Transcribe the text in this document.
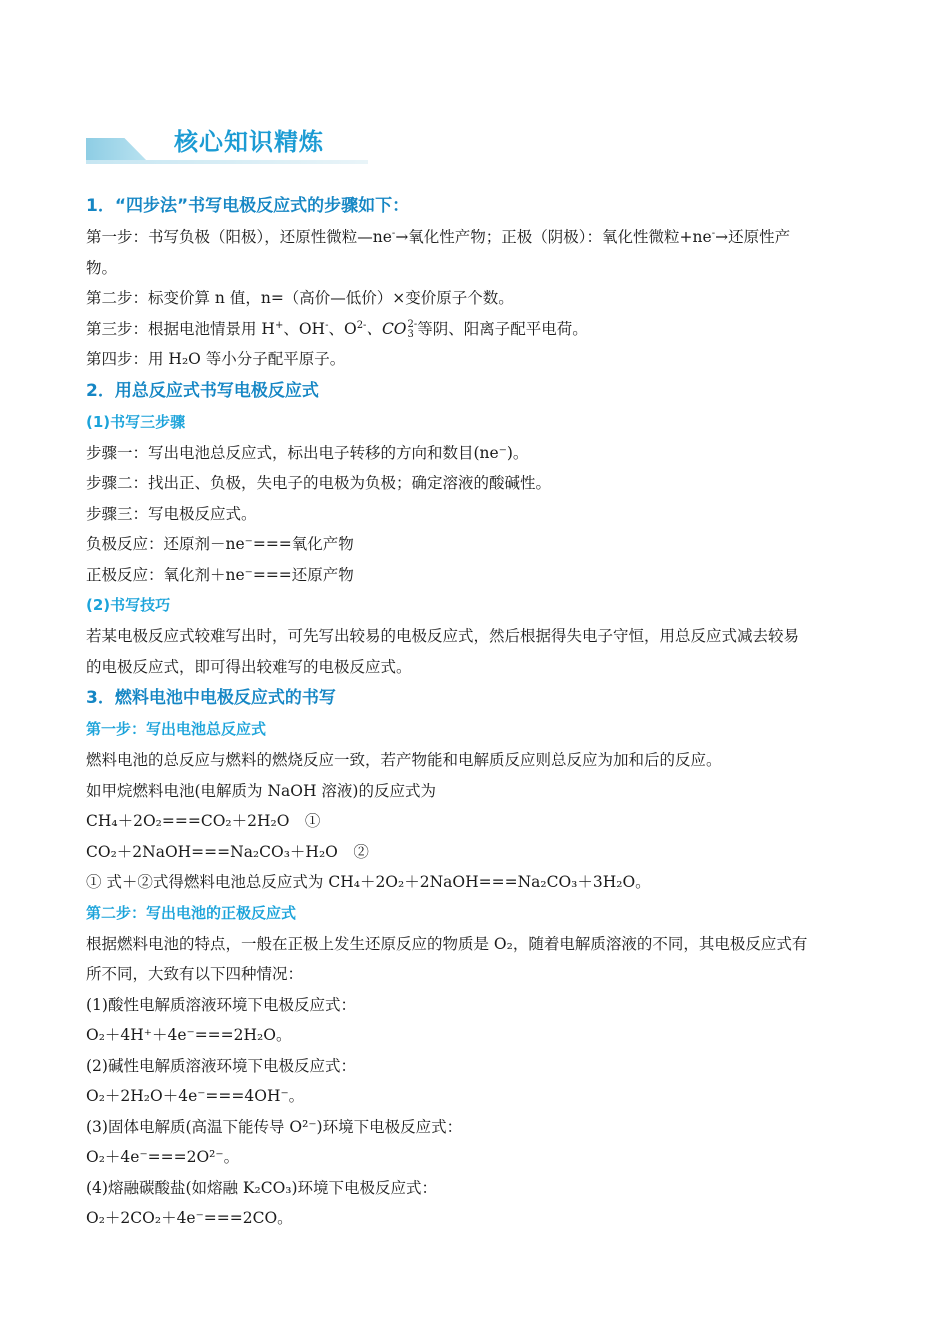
核心知识精炼

1．“四步法”书写电极反应式的步骤如下：

第一步：书写负极（阳极），还原性微粒—ne-→氧化性产物；正极（阴极）：氧化性微粒+ne-→还原性产

物。

第二步：标变价算 n 值，n=（高价—低价）×变价原子个数。

第三步：根据电池情景用 H+、OH-、$O^{2-}$、CO2-
3 等阴、阳离子配平电荷。

第四步：用 H₂O 等小分子配平原子。

2．用总反应式书写电极反应式

(1)书写三步骤

步骤一：写出电池总反应式，标出电子转移的方向和数目(ne⁻)。

步骤二：找出正、负极，失电子的电极为负极；确定溶液的酸碱性。

步骤三：写电极反应式。

负极反应：还原剂－ne⁻===氧化产物

正极反应：氧化剂＋ne⁻===还原产物

(2)书写技巧

若某电极反应式较难写出时，可先写出较易的电极反应式，然后根据得失电子守恒，用总反应式减去较易

的电极反应式，即可得出较难写的电极反应式。

3．燃料电池中电极反应式的书写

第一步：写出电池总反应式

燃料电池的总反应与燃料的燃烧反应一致，若产物能和电解质反应则总反应为加和后的反应。

如甲烷燃料电池(电解质为 NaOH 溶液)的反应式为

CH₄＋2O₂===CO₂＋2H₂O　①

CO₂＋2NaOH===Na₂CO₃＋H₂O　②

① 式＋②式得燃料电池总反应式为 CH₄＋2O₂＋2NaOH===Na₂CO₃＋3H₂O。

第二步：写出电池的正极反应式

根据燃料电池的特点，一般在正极上发生还原反应的物质是 O₂，随着电解质溶液的不同，其电极反应式有

所不同，大致有以下四种情况：

(1)酸性电解质溶液环境下电极反应式：

O₂＋4H⁺＋4e⁻===2H₂O。

(2)碱性电解质溶液环境下电极反应式：

O₂＋2H₂O＋4e⁻===4OH⁻。

(3)固体电解质(高温下能传导 O²⁻)环境下电极反应式：

O₂＋4e⁻===2O²⁻。

(4)熔融碳酸盐(如熔融 K₂CO₃)环境下电极反应式：

O₂＋2CO₂＋4e⁻===2CO。
